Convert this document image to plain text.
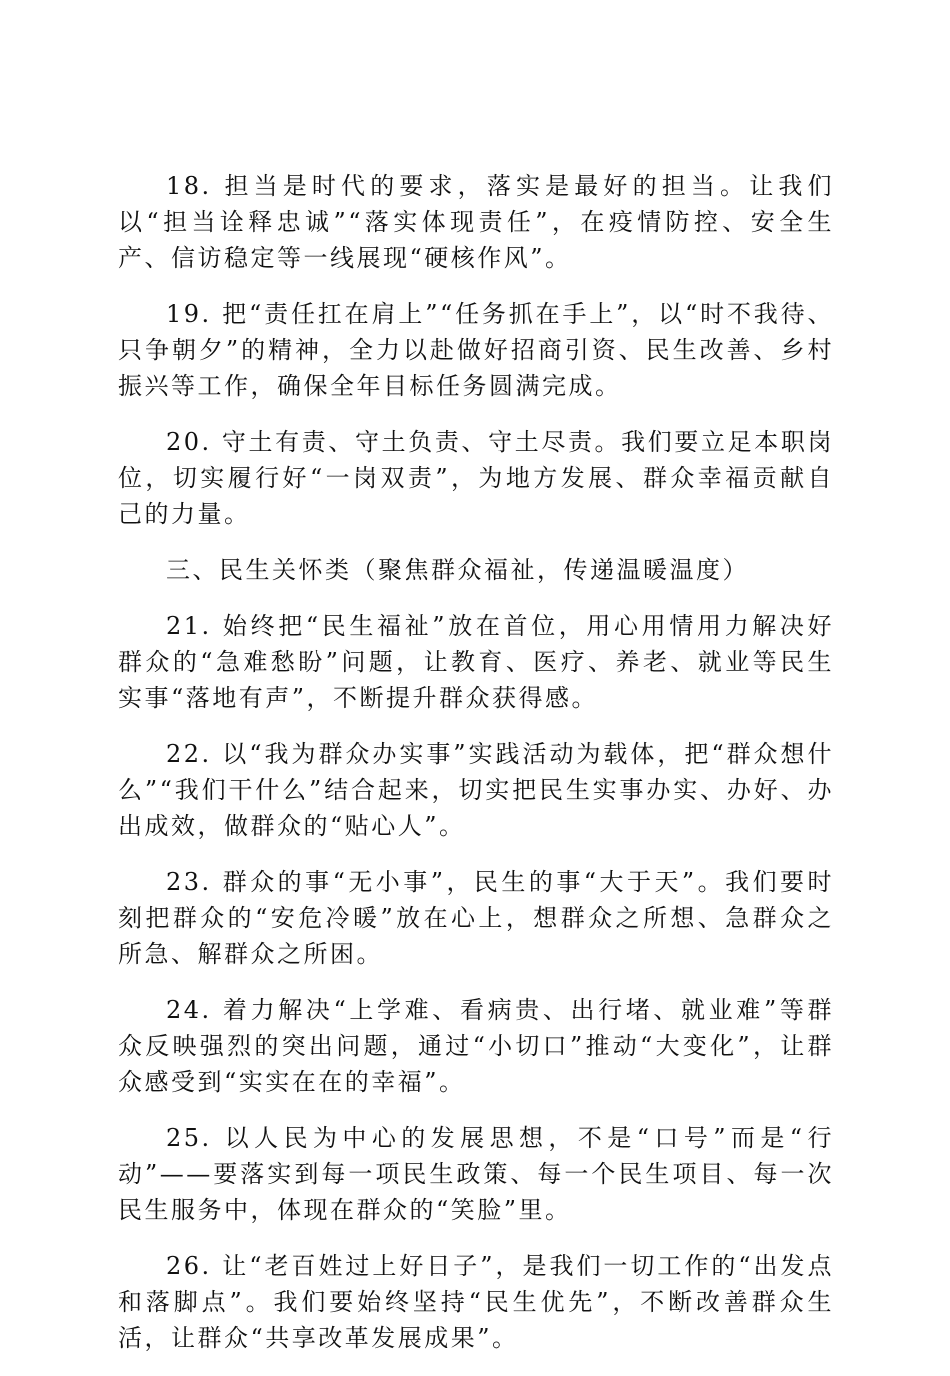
18. 担当是时代的要求，落实是最好的担当。让我们以“担当诠释忠诚”“落实体现责任”，在疫情防控、安全生产、信访稳定等一线展现“硬核作风”。

19. 把“责任扛在肩上”“任务抓在手上”，以“时不我待、只争朝夕”的精神，全力以赴做好招商引资、民生改善、乡村振兴等工作，确保全年目标任务圆满完成。

20. 守土有责、守土负责、守土尽责。我们要立足本职岗位，切实履行好“一岗双责”，为地方发展、群众幸福贡献自己的力量。

三、民生关怀类（聚焦群众福祉，传递温暖温度）

21. 始终把“民生福祉”放在首位，用心用情用力解决好群众的“急难愁盼”问题，让教育、医疗、养老、就业等民生实事“落地有声”，不断提升群众获得感。

22. 以“我为群众办实事”实践活动为载体，把“群众想什么”“我们干什么”结合起来，切实把民生实事办实、办好、办出成效，做群众的“贴心人”。

23. 群众的事“无小事”，民生的事“大于天”。我们要时刻把群众的“安危冷暖”放在心上，想群众之所想、急群众之所急、解群众之所困。

24. 着力解决“上学难、看病贵、出行堵、就业难”等群众反映强烈的突出问题，通过“小切口”推动“大变化”，让群众感受到“实实在在的幸福”。

25. 以人民为中心的发展思想，不是“口号”而是“行动”——要落实到每一项民生政策、每一个民生项目、每一次民生服务中，体现在群众的“笑脸”里。

26. 让“老百姓过上好日子”，是我们一切工作的“出发点和落脚点”。我们要始终坚持“民生优先”，不断改善群众生活，让群众“共享改革发展成果”。
